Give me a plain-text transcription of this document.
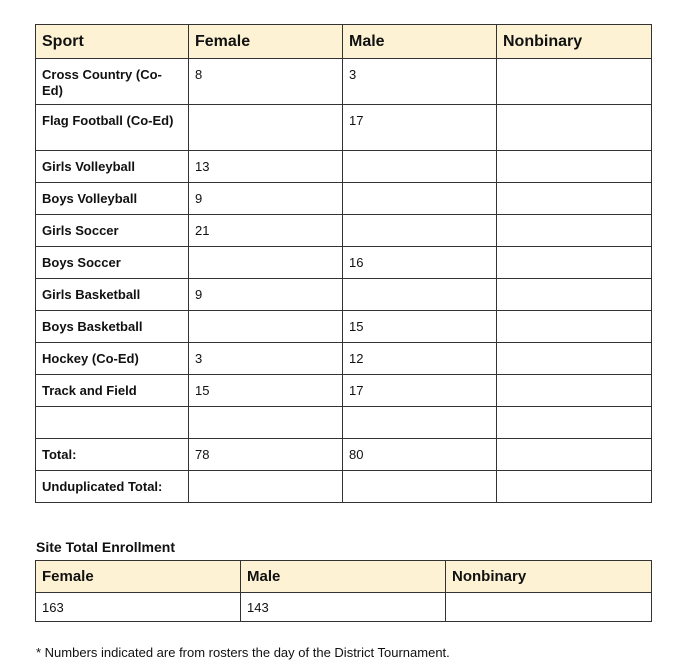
Sport	Female	Male	Nonbinary
Cross Country (Co-Ed)	8	3	
Flag Football (Co-Ed)		17	
Girls Volleyball	13		
Boys Volleyball	9		
Girls Soccer	21		
Boys Soccer		16	
Girls Basketball	9		
Boys Basketball		15	
Hockey (Co-Ed)	3	12	
Track and Field	15	17	

Total:	78	80	
Unduplicated Total:			

Site Total Enrollment

Female	Male	Nonbinary
163	143	

* Numbers indicated are from rosters the day of the District Tournament.
